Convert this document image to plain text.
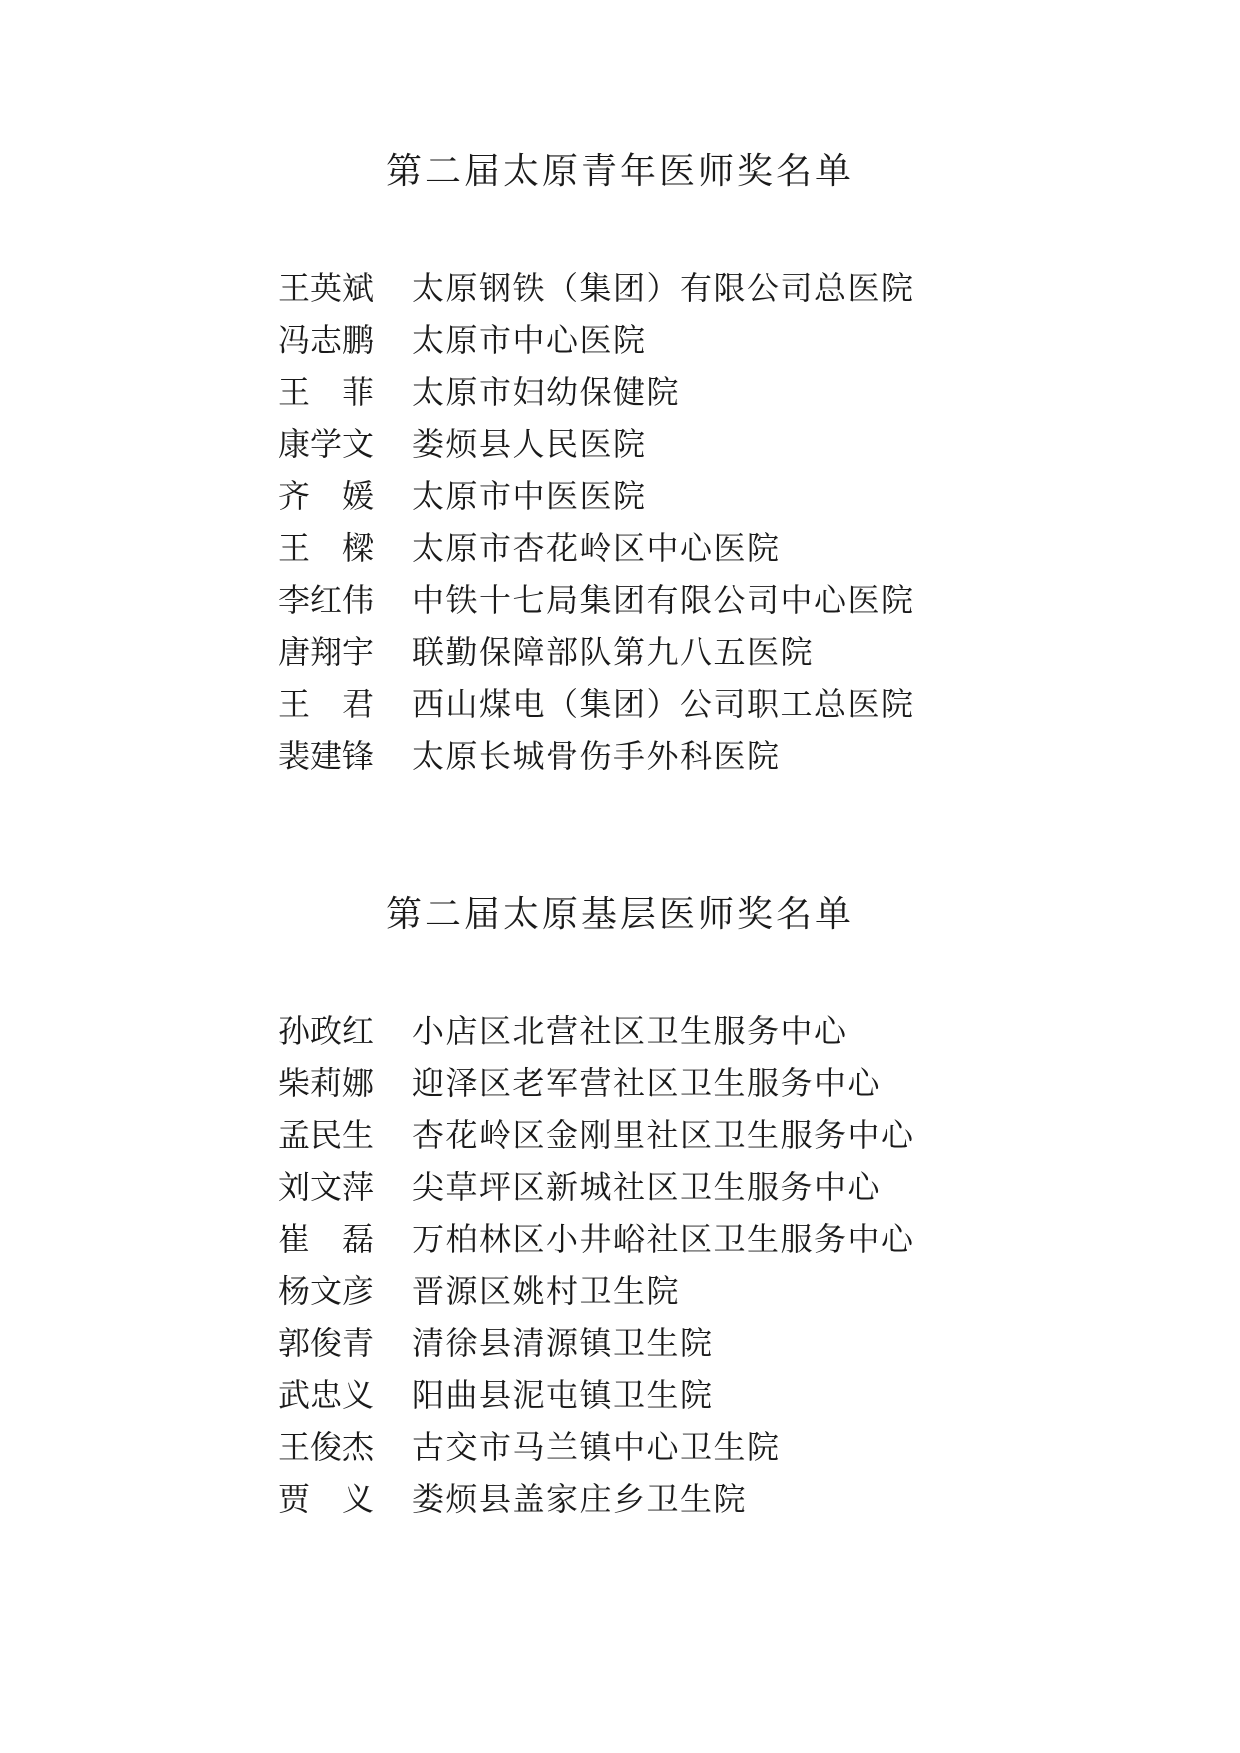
第二届太原青年医师奖名单
王英斌 太原钢铁（集团）有限公司总医院
冯志鹏 太原市中心医院
王 菲 太原市妇幼保健院
康学文 娄烦县人民医院
齐 媛 太原市中医医院
王 樑 太原市杏花岭区中心医院
李红伟 中铁十七局集团有限公司中心医院
唐翔宇 联勤保障部队第九八五医院
王 君 西山煤电（集团）公司职工总医院
裴建锋 太原长城骨伤手外科医院
第二届太原基层医师奖名单
孙政红 小店区北营社区卫生服务中心
柴莉娜 迎泽区老军营社区卫生服务中心
孟民生 杏花岭区金刚里社区卫生服务中心
刘文萍 尖草坪区新城社区卫生服务中心
崔 磊 万柏林区小井峪社区卫生服务中心
杨文彦 晋源区姚村卫生院
郭俊青 清徐县清源镇卫生院
武忠义 阳曲县泥屯镇卫生院
王俊杰 古交市马兰镇中心卫生院
贾 义 娄烦县盖家庄乡卫生院
